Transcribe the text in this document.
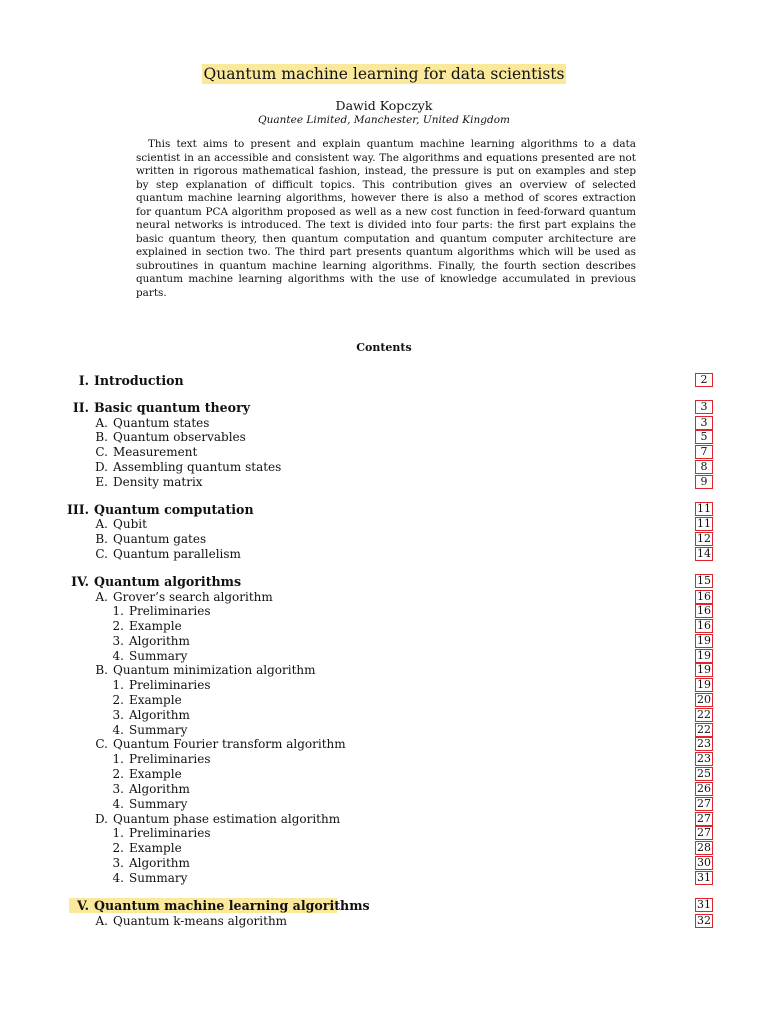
Quantum machine learning for data scientists
Dawid Kopczyk
Quantee Limited, Manchester, United Kingdom

This text aims to present and explain quantum machine learning algorithms to a data scientist in an accessible and consistent way. The algorithms and equations presented are not written in rigorous mathematical fashion, instead, the pressure is put on examples and step by step explanation of difficult topics. This contribution gives an overview of selected quantum machine learning algorithms, however there is also a method of scores extraction for quantum PCA algorithm proposed as well as a new cost function in feed-forward quantum neural networks is introduced. The text is divided into four parts: the first part explains the basic quantum theory, then quantum computation and quantum computer architecture are explained in section two. The third part presents quantum algorithms which will be used as subroutines in quantum machine learning algorithms. Finally, the fourth section describes quantum machine learning algorithms with the use of knowledge accumulated in previous parts.

Contents
I. Introduction	2
II. Basic quantum theory	3
A. Quantum states	3
B. Quantum observables	5
C. Measurement	7
D. Assembling quantum states	8
E. Density matrix	9
III. Quantum computation	11
A. Qubit	11
B. Quantum gates	12
C. Quantum parallelism	14
IV. Quantum algorithms	15
A. Grover’s search algorithm	16
1. Preliminaries	16
2. Example	16
3. Algorithm	19
4. Summary	19
B. Quantum minimization algorithm	19
1. Preliminaries	19
2. Example	20
3. Algorithm	22
4. Summary	22
C. Quantum Fourier transform algorithm	23
1. Preliminaries	23
2. Example	25
3. Algorithm	26
4. Summary	27
D. Quantum phase estimation algorithm	27
1. Preliminaries	27
2. Example	28
3. Algorithm	30
4. Summary	31
V. Quantum machine learning algorithms	31
A. Quantum k-means algorithm	32
